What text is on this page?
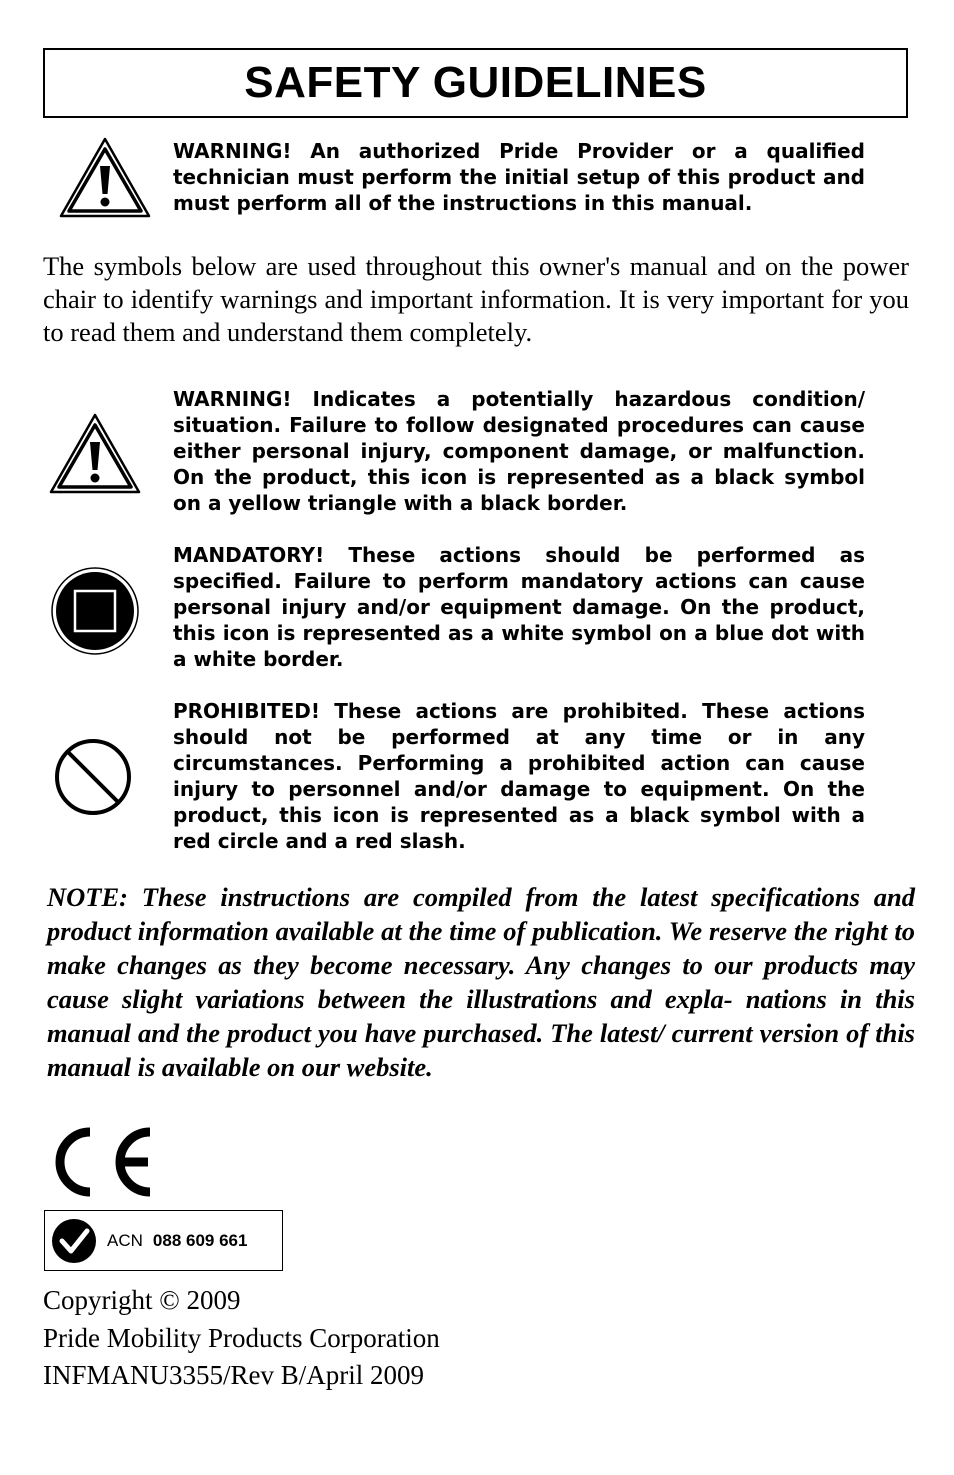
SAFETY GUIDELINES

WARNING! An authorized Pride Provider or a qualified technician must perform the initial setup of this product and must perform all of the instructions in this manual.

The symbols below are used throughout this owner's manual and on the power chair to identify warnings and important information. It is very important for you to read them and understand them completely.

WARNING! Indicates a potentially hazardous condition/ situation. Failure to follow designated procedures can cause either personal injury, component damage, or malfunction. On the product, this icon is represented as a black symbol on a yellow triangle with a black border.

MANDATORY! These actions should be performed as specified. Failure to perform mandatory actions can cause personal injury and/or equipment damage. On the product, this icon is represented as a white symbol on a blue dot with a white border.

PROHIBITED! These actions are prohibited. These actions should not be performed at any time or in any circumstances. Performing a prohibited action can cause injury to personnel and/or damage to equipment. On the product, this icon is represented as a black symbol with a red circle and a red slash.

NOTE: These instructions are compiled from the latest specifications and product information available at the time of publication. We reserve the right to make changes as they become necessary. Any changes to our products may cause slight variations between the illustrations and expla- nations in this manual and the product you have purchased. The latest/ current version of this manual is available on our website.

ACN 088 609 661

Copyright © 2009

Pride Mobility Products Corporation

INFMANU3355/Rev B/April 2009
